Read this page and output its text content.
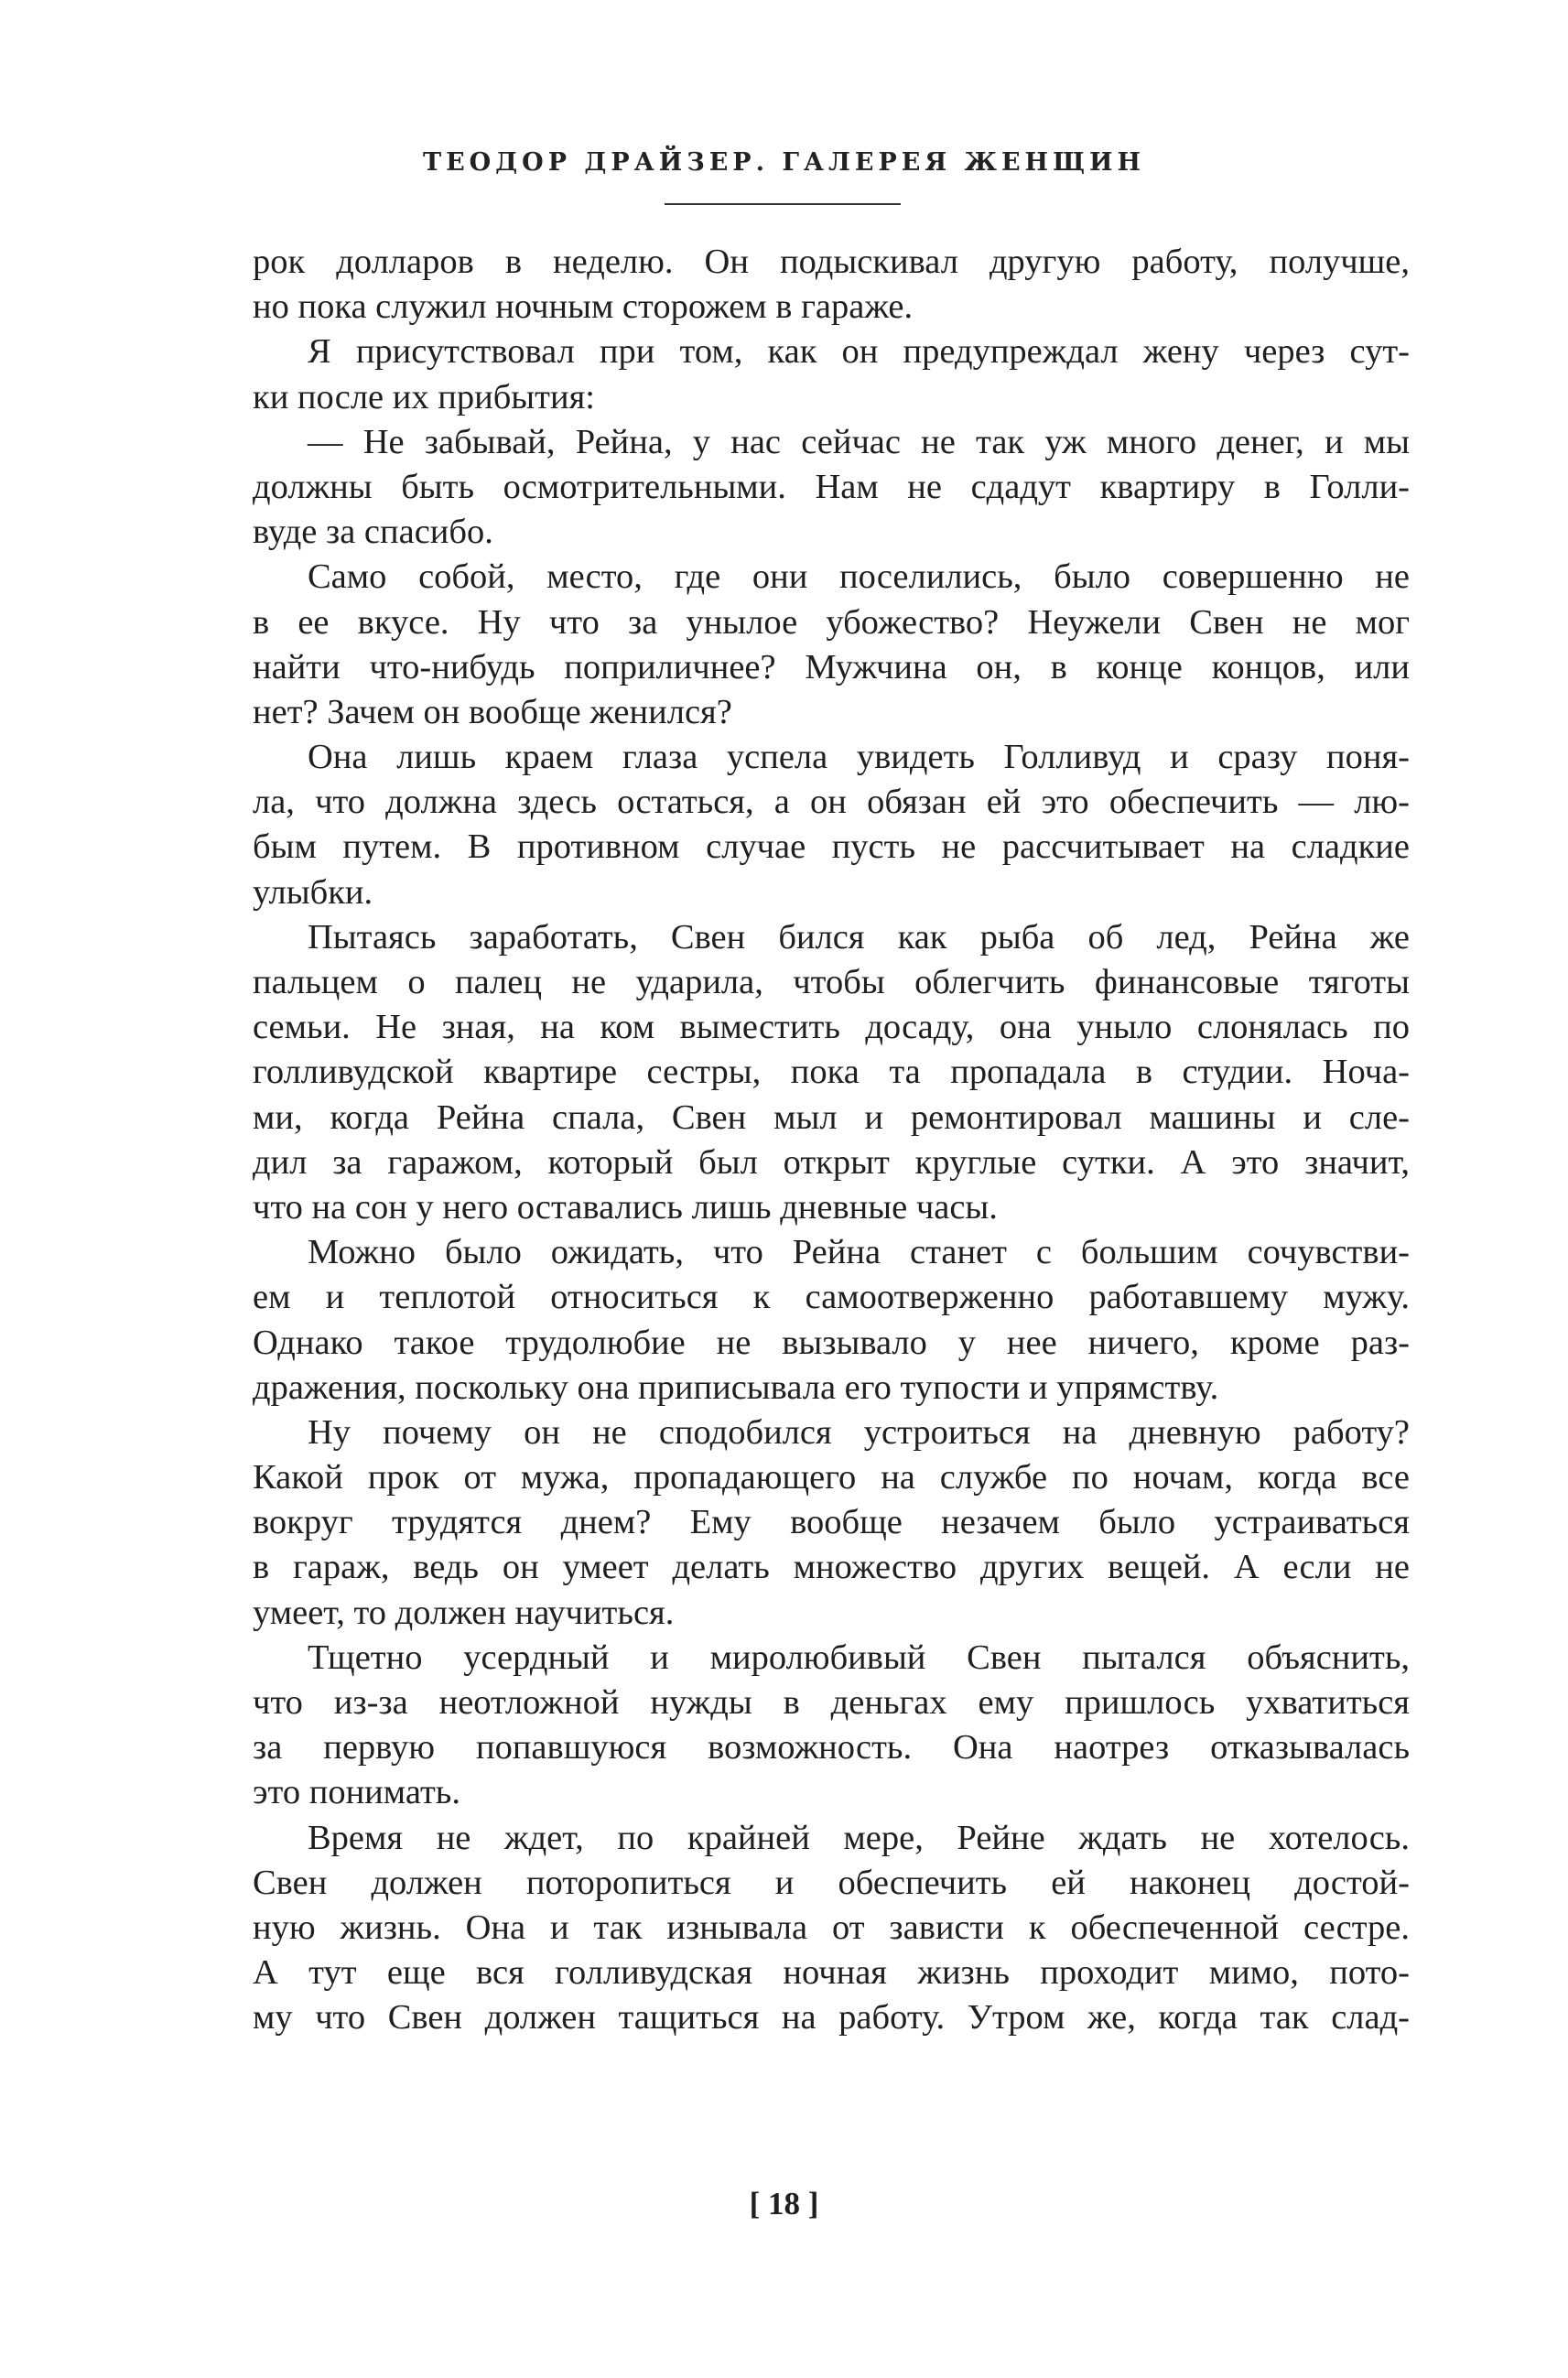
ТЕОДОР ДРАЙЗЕР. ГАЛЕРЕЯ ЖЕНЩИН
рок долларов в неделю. Он подыскивал другую работу, получше,
но пока служил ночным сторожем в гараже.
Я присутствовал при том, как он предупреждал жену через сут-
ки после их прибытия:
— Не забывай, Рейна, у нас сейчас не так уж много денег, и мы
должны быть осмотрительными. Нам не сдадут квартиру в Голли-
вуде за спасибо.
Само собой, место, где они поселились, было совершенно не
в ее вкусе. Ну что за унылое убожество? Неужели Свен не мог
найти что-нибудь поприличнее? Мужчина он, в конце концов, или
нет? Зачем он вообще женился?
Она лишь краем глаза успела увидеть Голливуд и сразу поня-
ла, что должна здесь остаться, а он обязан ей это обеспечить — лю-
бым путем. В противном случае пусть не рассчитывает на сладкие
улыбки.
Пытаясь заработать, Свен бился как рыба об лед, Рейна же
пальцем о палец не ударила, чтобы облегчить финансовые тяготы
семьи. Не зная, на ком выместить досаду, она уныло слонялась по
голливудской квартире сестры, пока та пропадала в студии. Ноча-
ми, когда Рейна спала, Свен мыл и ремонтировал машины и сле-
дил за гаражом, который был открыт круглые сутки. А это значит,
что на сон у него оставались лишь дневные часы.
Можно было ожидать, что Рейна станет с большим сочувстви-
ем и теплотой относиться к самоотверженно работавшему мужу.
Однако такое трудолюбие не вызывало у нее ничего, кроме раз-
дражения, поскольку она приписывала его тупости и упрямству.
Ну почему он не сподобился устроиться на дневную работу?
Какой прок от мужа, пропадающего на службе по ночам, когда все
вокруг трудятся днем? Ему вообще незачем было устраиваться
в гараж, ведь он умеет делать множество других вещей. А если не
умеет, то должен научиться.
Тщетно усердный и миролюбивый Свен пытался объяснить,
что из-за неотложной нужды в деньгах ему пришлось ухватиться
за первую попавшуюся возможность. Она наотрез отказывалась
это понимать.
Время не ждет, по крайней мере, Рейне ждать не хотелось.
Свен должен поторопиться и обеспечить ей наконец достой-
ную жизнь. Она и так изнывала от зависти к обеспеченной сестре.
А тут еще вся голливудская ночная жизнь проходит мимо, пото-
му что Свен должен тащиться на работу. Утром же, когда так слад-
[ 18 ]
